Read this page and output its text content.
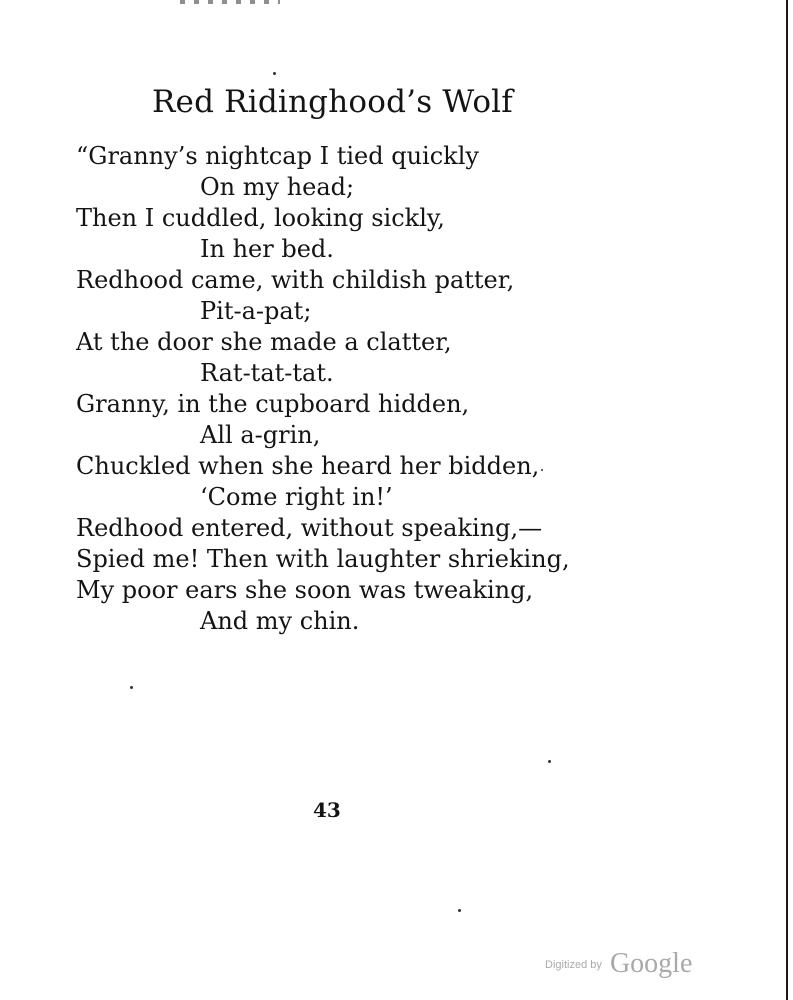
Red Ridinghood’s Wolf
“Granny’s nightcap I tied quickly
On my head;
Then I cuddled, looking sickly,
In her bed.
Redhood came, with childish patter,
Pit-a-pat;
At the door she made a clatter,
Rat-tat-tat.
Granny, in the cupboard hidden,
All a-grin,
Chuckled when she heard her bidden,
‘Come right in!’
Redhood entered, without speaking,—
Spied me! Then with laughter shrieking,
My poor ears she soon was tweaking,
And my chin.
43
$^{Digitized by}$ Google
